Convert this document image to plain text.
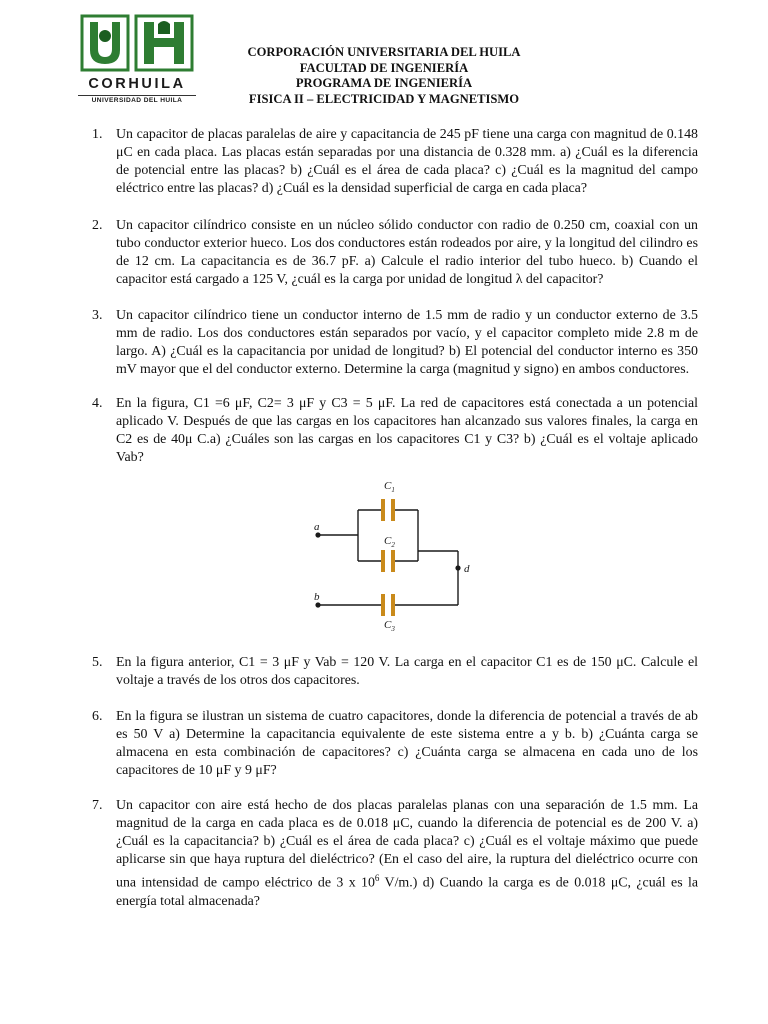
CORHUILA
UNIVERSIDAD DEL HUILA
CORPORACIÓN UNIVERSITARIA DEL HUILA
FACULTAD DE INGENIERÍA
PROGRAMA DE INGENIERÍA
FISICA II – ELECTRICIDAD Y MAGNETISMO
1. Un capacitor de placas paralelas de aire y capacitancia de 245 pF tiene una carga con magnitud de 0.148 μC en cada placa. Las placas están separadas por una distancia de 0.328 mm. a) ¿Cuál es la diferencia de potencial entre las placas? b) ¿Cuál es el área de cada placa? c) ¿Cuál es la magnitud del campo eléctrico entre las placas? d) ¿Cuál es la densidad superficial de carga en cada placa?
2. Un capacitor cilíndrico consiste en un núcleo sólido conductor con radio de 0.250 cm, coaxial con un tubo conductor exterior hueco. Los dos conductores están rodeados por aire, y la longitud del cilindro es de 12 cm. La capacitancia es de 36.7 pF. a) Calcule el radio interior del tubo hueco. b) Cuando el capacitor está cargado a 125 V, ¿cuál es la carga por unidad de longitud λ del capacitor?
3. Un capacitor cilíndrico tiene un conductor interno de 1.5 mm de radio y un conductor externo de 3.5 mm de radio. Los dos conductores están separados por vacío, y el capacitor completo mide 2.8 m de largo. A) ¿Cuál es la capacitancia por unidad de longitud? b) El potencial del conductor interno es 350 mV mayor que el del conductor externo. Determine la carga (magnitud y signo) en ambos conductores.
4. En la figura, C1 =6 μF, C2= 3 μF y C3 = 5 μF. La red de capacitores está conectada a un potencial aplicado V. Después de que las cargas en los capacitores han alcanzado sus valores finales, la carga en C2 es de 40μ C.a) ¿Cuáles son las cargas en los capacitores C1 y C3? b) ¿Cuál es el voltaje aplicado Vab?
$C_1$
$C_2$
$C_3$
a
b
d
5. En la figura anterior, C1 = 3 μF y Vab = 120 V. La carga en el capacitor C1 es de 150 μC. Calcule el voltaje a través de los otros dos capacitores.
6. En la figura se ilustran un sistema de cuatro capacitores, donde la diferencia de potencial a través de ab es 50 V a) Determine la capacitancia equivalente de este sistema entre a y b. b) ¿Cuánta carga se almacena en esta combinación de capacitores? c) ¿Cuánta carga se almacena en cada uno de los capacitores de 10 μF y 9 μF?
7. Un capacitor con aire está hecho de dos placas paralelas planas con una separación de 1.5 mm. La magnitud de la carga en cada placa es de 0.018 μC, cuando la diferencia de potencial es de 200 V. a) ¿Cuál es la capacitancia? b) ¿Cuál es el área de cada placa? c) ¿Cuál es el voltaje máximo que puede aplicarse sin que haya ruptura del dieléctrico? (En el caso del aire, la ruptura del dieléctrico ocurre con una intensidad de campo eléctrico de 3 x $10^6$ V/m.) d) Cuando la carga es de 0.018 μC, ¿cuál es la energía total almacenada?
